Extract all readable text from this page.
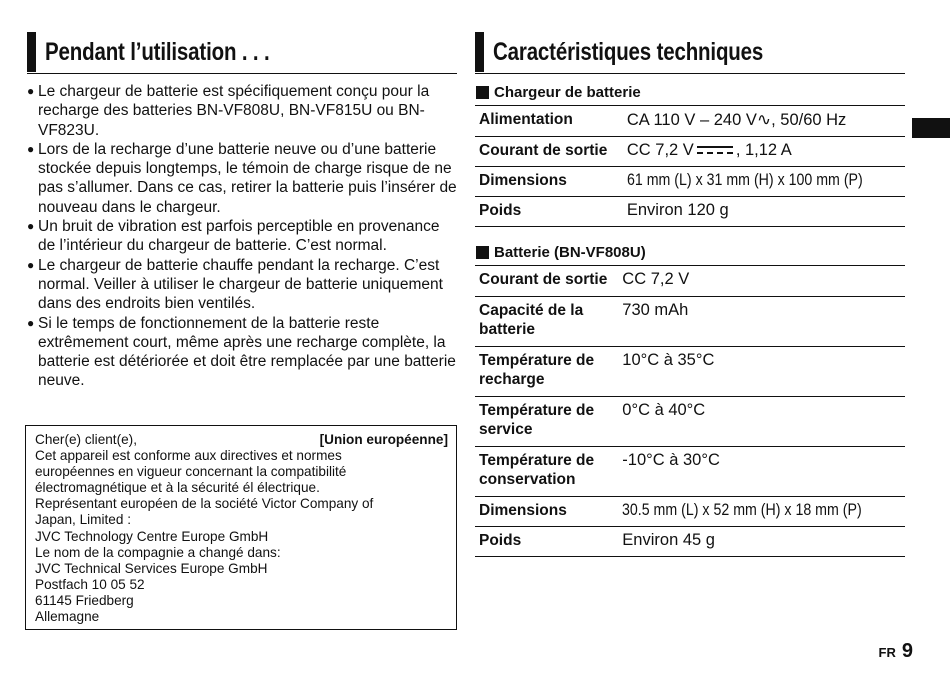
Pendant l’utilisation . . .
● Le chargeur de batterie est spécifiquement conçu pour la recharge des batteries BN-VF808U, BN-VF815U ou BN-VF823U.
● Lors de la recharge d’une batterie neuve ou d’une batterie stockée depuis longtemps, le témoin de charge risque de ne pas s’allumer. Dans ce cas, retirer la batterie puis l’insérer de nouveau dans le chargeur.
● Un bruit de vibration est parfois perceptible en provenance de l’intérieur du chargeur de batterie. C’est normal.
● Le chargeur de batterie chauffe pendant la recharge. C’est normal. Veiller à utiliser le chargeur de batterie uniquement dans des endroits bien ventilés.
● Si le temps de fonctionnement de la batterie reste extrêmement court, même après une recharge complète, la batterie est détériorée et doit être remplacée par une batterie neuve.
Cher(e) client(e),	[Union européenne]
Cet appareil est conforme aux directives et normes
européennes en vigueur concernant la compatibilité
électromagnétique et à la sécurité él électrique.
Représentant européen de la société Victor Company of
Japan, Limited :
JVC Technology Centre Europe GmbH
Le nom de la compagnie a changé dans:
JVC Technical Services Europe GmbH
Postfach 10 05 52
61145 Friedberg
Allemagne
Caractéristiques techniques
Chargeur de batterie
Alimentation	CA 110 V – 240 V∿, 50/60 Hz
Courant de sortie	CC 7,2 V , 1,12 A
Dimensions	61 mm (L) x 31 mm (H) x 100 mm (P)
Poids	Environ 120 g
Batterie (BN-VF808U)
Courant de sortie	CC 7,2 V
Capacité de la batterie	730 mAh
Température de recharge	10°C à 35°C
Température de service	0°C à 40°C
Température de conservation	-10°C à 30°C
Dimensions	30.5 mm (L) x 52 mm (H) x 18 mm (P)
Poids	Environ 45 g
FR 9
